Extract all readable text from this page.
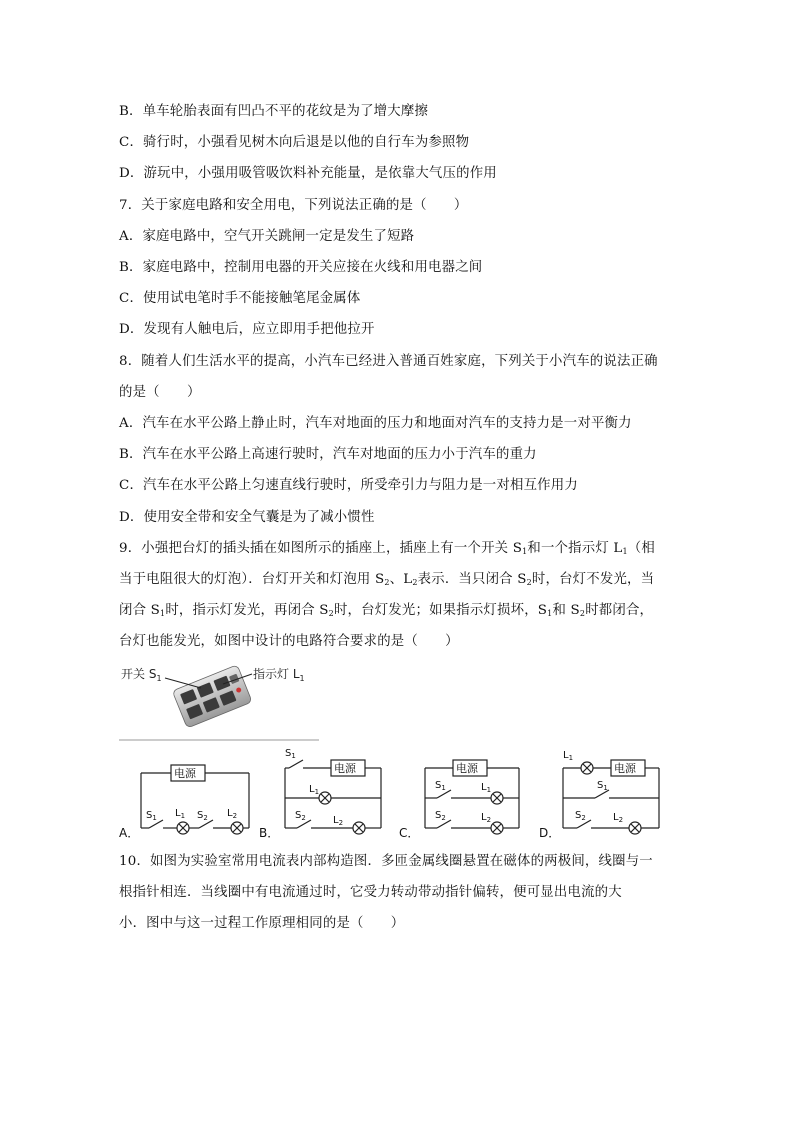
B．单车轮胎表面有凹凸不平的花纹是为了增大摩擦
C．骑行时，小强看见树木向后退是以他的自行车为参照物
D．游玩中，小强用吸管吸饮料补充能量，是依靠大气压的作用
7．关于家庭电路和安全用电，下列说法正确的是（　　）
A．家庭电路中，空气开关跳闸一定是发生了短路
B．家庭电路中，控制用电器的开关应接在火线和用电器之间
C．使用试电笔时手不能接触笔尾金属体
D．发现有人触电后，应立即用手把他拉开
8．随着人们生活水平的提高，小汽车已经进入普通百姓家庭，下列关于小汽车的说法正确
的是（　　）
A．汽车在水平公路上静止时，汽车对地面的压力和地面对汽车的支持力是一对平衡力
B．汽车在水平公路上高速行驶时，汽车对地面的压力小于汽车的重力
C．汽车在水平公路上匀速直线行驶时，所受牵引力与阻力是一对相互作用力
D．使用安全带和安全气囊是为了减小惯性
9．小强把台灯的插头插在如图所示的插座上，插座上有一个开关 $S_1$和一个指示灯 $L_1$（相
当于电阻很大的灯泡）．台灯开关和灯泡用 $S_2$、$L_2$表示．当只闭合 $S_2$时，台灯不发光，当
闭合 $S_1$时，指示灯发光，再闭合 $S_2$时，台灯发光；如果指示灯损坏，$S_1$和 $S_2$时都闭合，
台灯也能发光，如图中设计的电路符合要求的是（　　）
开关 $S_1$	指示灯 $L_1$
电源
$S_1$ $L_1$ $S_2$ $L_2$
电源
$S_1$
$L_1$
$S_2$	$L_2$
电源
$S_1$	$L_1$
$S_2$	$L_2$
电源
$L_1$
$S_1$
$S_2$	$L_2$
A．	B．	C．	D．
10．如图为实验室常用电流表内部构造图．多匝金属线圈悬置在磁体的两极间，线圈与一
根指针相连．当线圈中有电流通过时，它受力转动带动指针偏转，便可显出电流的大
小．图中与这一过程工作原理相同的是（　　）
